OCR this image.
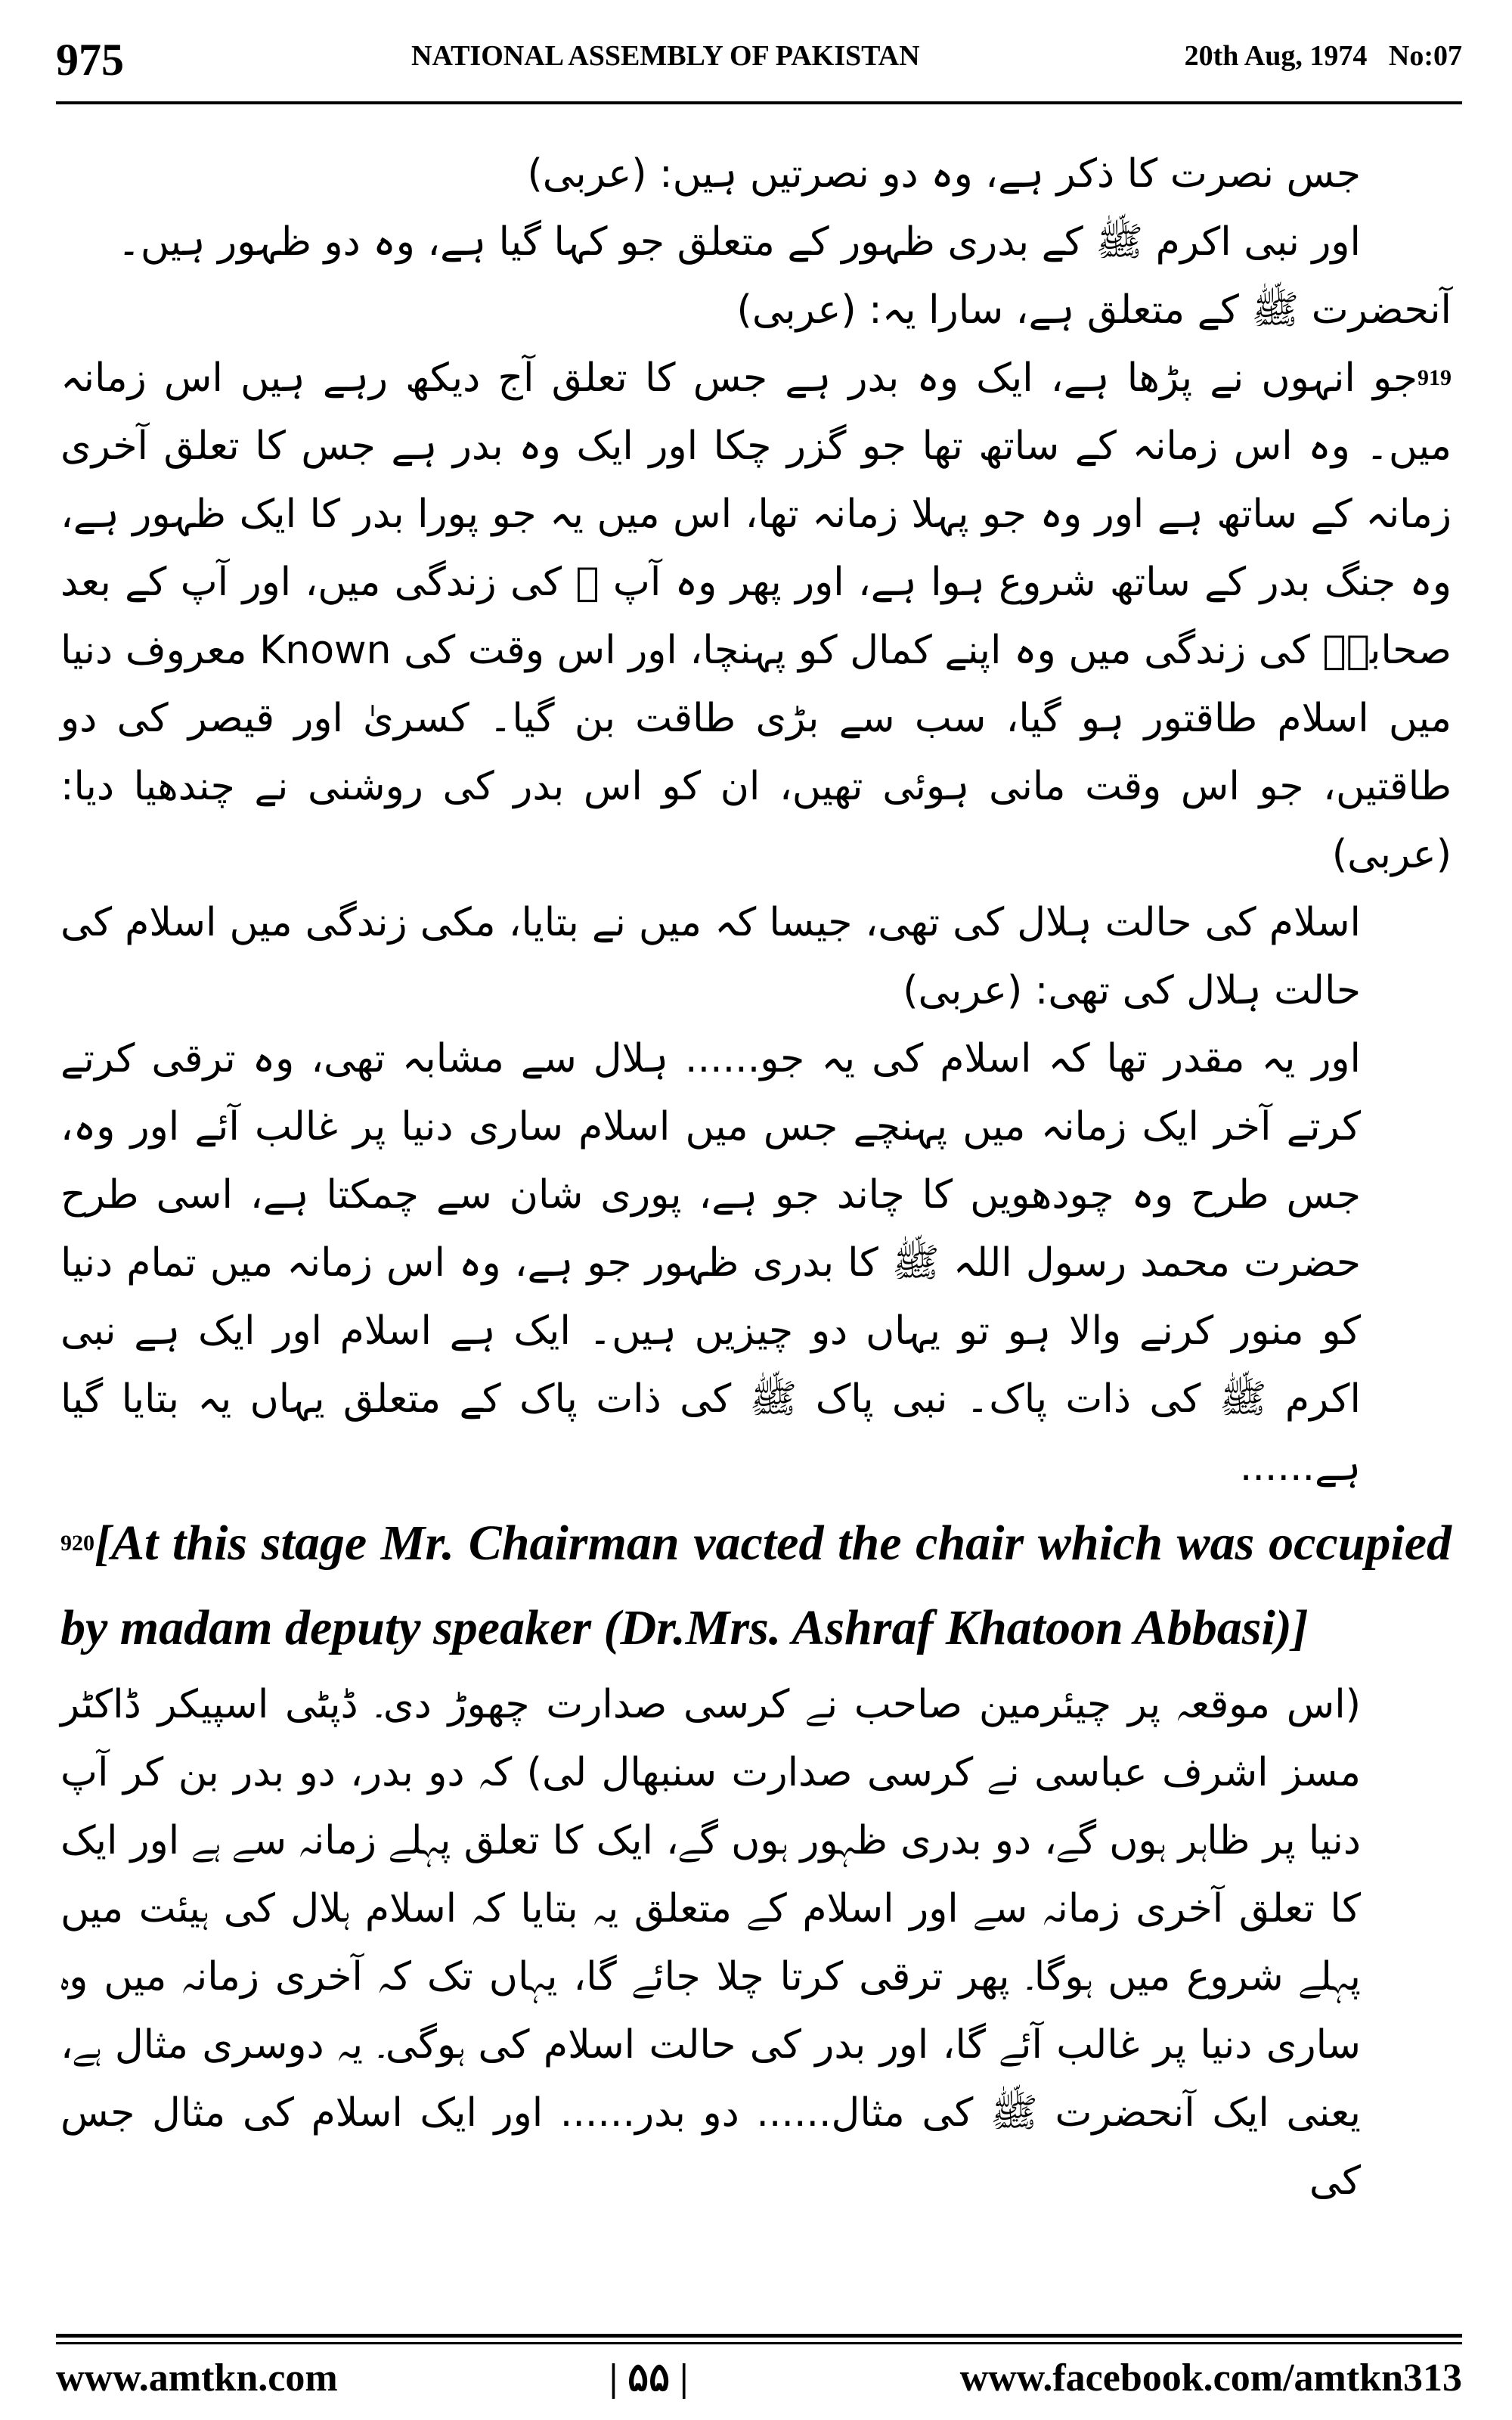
975	NATIONAL ASSEMBLY OF PAKISTAN	20th Aug, 1974 No:07

جس نصرت کا ذکر ہے، وہ دو نصرتیں ہیں: (عربی)

اور نبی اکرم ﷺ کے بدری ظہور کے متعلق جو کہا گیا ہے، وہ دو ظہور ہیں۔

آنحضرت ﷺ کے متعلق ہے، سارا یہ: (عربی)

$^{919}$جو انہوں نے پڑھا ہے، ایک وہ بدر ہے جس کا تعلق آج دیکھ رہے ہیں اس زمانہ میں۔ وہ اس زمانہ کے ساتھ تھا جو گزر چکا اور ایک وہ بدر ہے جس کا تعلق آخری زمانہ کے ساتھ ہے اور وہ جو پہلا زمانہ تھا، اس میں یہ جو پورا بدر کا ایک ظہور ہے، وہ جنگ بدر کے ساتھ شروع ہوا ہے، اور پھر وہ آپ ﷺ کی زندگی میں، اور آپ کے بعد صحابہؓ کی زندگی میں وہ اپنے کمال کو پہنچا، اور اس وقت کی Known معروف دنیا میں اسلام طاقتور ہو گیا، سب سے بڑی طاقت بن گیا۔ کسریٰ اور قیصر کی دو طاقتیں، جو اس وقت مانی ہوئی تھیں، ان کو اس بدر کی روشنی نے چندھیا دیا: (عربی)

اسلام کی حالت ہلال کی تھی، جیسا کہ میں نے بتایا، مکی زندگی میں اسلام کی حالت ہلال کی تھی: (عربی)

اور یہ مقدر تھا کہ اسلام کی یہ جو...... ہلال سے مشابہ تھی، وہ ترقی کرتے کرتے آخر ایک زمانہ میں پہنچے جس میں اسلام ساری دنیا پر غالب آئے اور وہ، جس طرح وہ چودھویں کا چاند جو ہے، پوری شان سے چمکتا ہے، اسی طرح حضرت محمد رسول اللہ ﷺ کا بدری ظہور جو ہے، وہ اس زمانہ میں تمام دنیا کو منور کرنے والا ہو تو یہاں دو چیزیں ہیں۔ ایک ہے اسلام اور ایک ہے نبی اکرم ﷺ کی ذات پاک۔ نبی پاک ﷺ کی ذات پاک کے متعلق یہاں یہ بتایا گیا ہے......

$^{920}$[At this stage Mr. Chairman vacted the chair which was occupied by madam deputy speaker (Dr.Mrs. Ashraf Khatoon Abbasi)]

(اس موقعہ پر چیئرمین صاحب نے کرسی صدارت چھوڑ دی۔ ڈپٹی اسپیکر ڈاکٹر مسز اشرف عباسی نے کرسی صدارت سنبھال لی) کہ دو بدر، دو بدر بن کر آپ دنیا پر ظاہر ہوں گے، دو بدری ظہور ہوں گے، ایک کا تعلق پہلے زمانہ سے ہے اور ایک کا تعلق آخری زمانہ سے اور اسلام کے متعلق یہ بتایا کہ اسلام ہلال کی ہیئت میں پہلے شروع میں ہوگا۔ پھر ترقی کرتا چلا جائے گا، یہاں تک کہ آخری زمانہ میں وہ ساری دنیا پر غالب آئے گا، اور بدر کی حالت اسلام کی ہوگی۔ یہ دوسری مثال ہے، یعنی ایک آنحضرت ﷺ کی مثال...... دو بدر...... اور ایک اسلام کی مثال جس کی

www.amtkn.com	| ۵۵ |	www.facebook.com/amtkn313
